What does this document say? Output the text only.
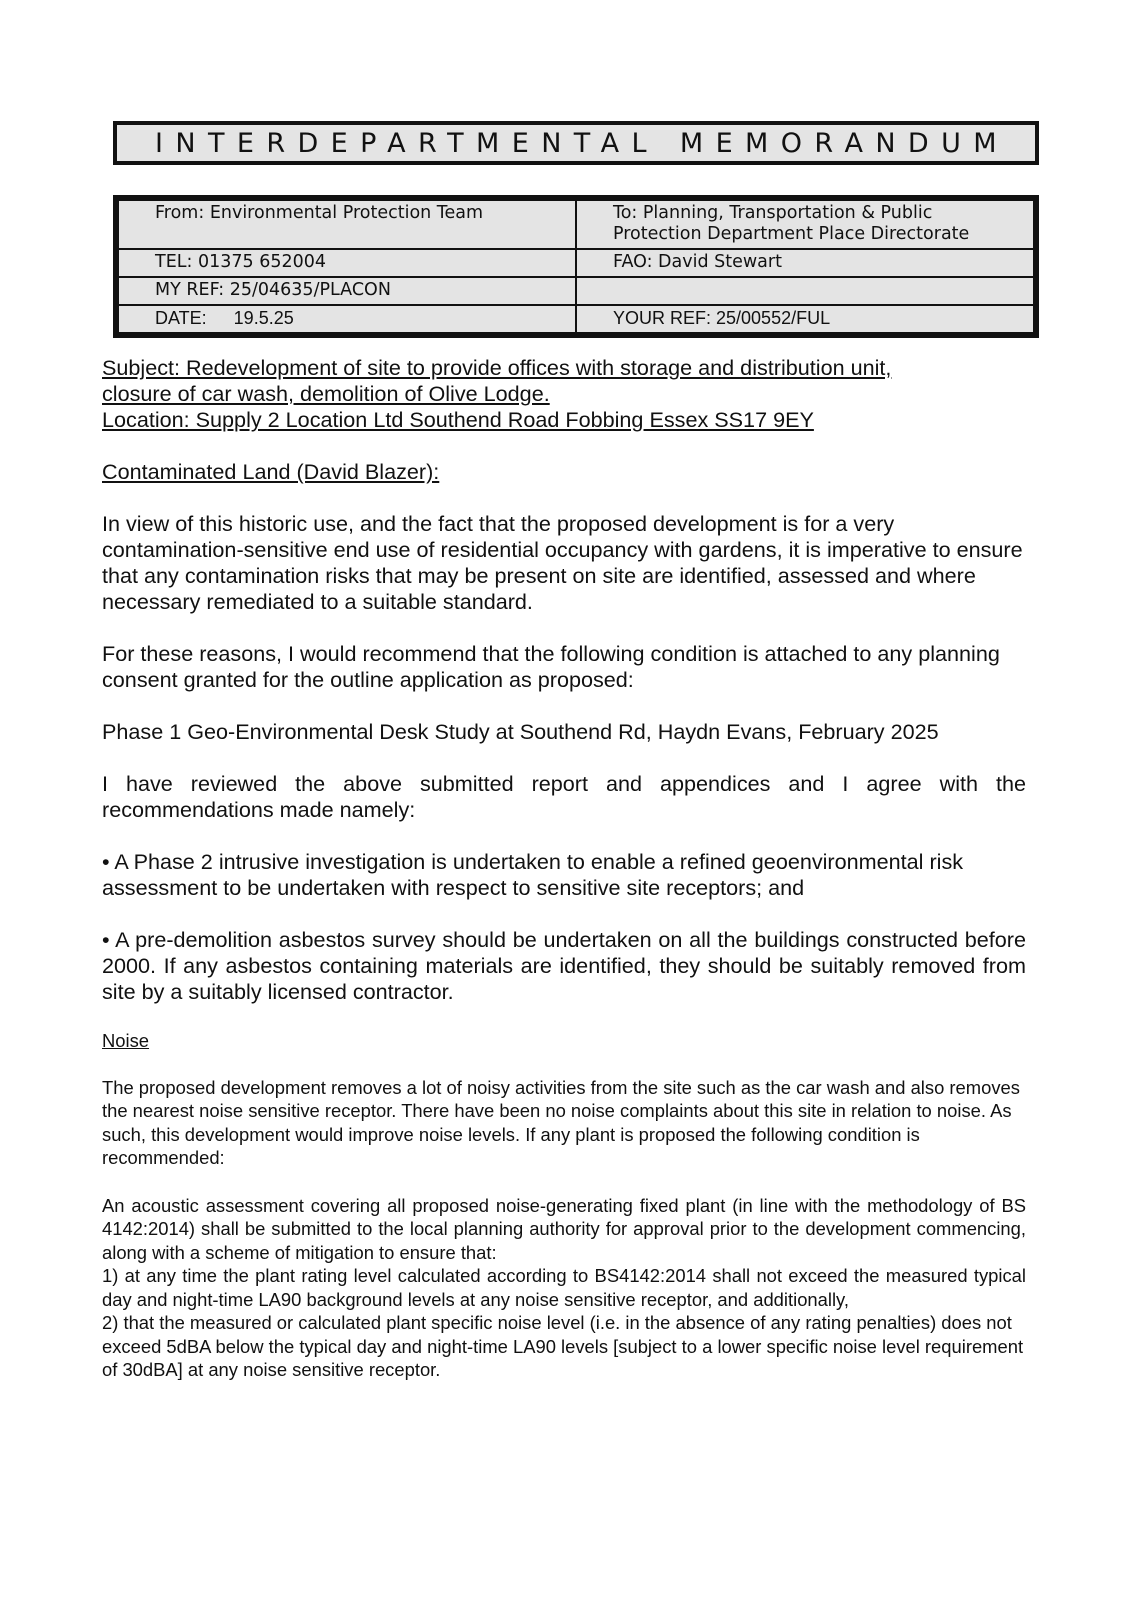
INTERDEPARTMENTAL MEMORANDUM
From: Environmental Protection Team	To: Planning, Transportation & Public
Protection Department Place Directorate

TEL: 01375 652004	FAO: David Stewart
MY REF: 25/04635/PLACON	
DATE: 19.5.25	YOUR REF: 25/00552/FUL
Subject: Redevelopment of site to provide offices with storage and distribution unit,
closure of car wash, demolition of Olive Lodge.
Location: Supply 2 Location Ltd Southend Road Fobbing Essex SS17 9EY

Contaminated Land (David Blazer):

In view of this historic use, and the fact that the proposed development is for a very contamination-sensitive end use of residential occupancy with gardens, it is imperative to ensure that any contamination risks that may be present on site are identified, assessed and where necessary remediated to a suitable standard.

For these reasons, I would recommend that the following condition is attached to any planning consent granted for the outline application as proposed:

Phase 1 Geo-Environmental Desk Study at Southend Rd, Haydn Evans, February 2025

I have reviewed the above submitted report and appendices and I agree with the recommendations made namely:

• A Phase 2 intrusive investigation is undertaken to enable a refined geoenvironmental risk assessment to be undertaken with respect to sensitive site receptors; and

• A pre-demolition asbestos survey should be undertaken on all the buildings constructed before 2000. If any asbestos containing materials are identified, they should be suitably removed from site by a suitably licensed contractor.

Noise

The proposed development removes a lot of noisy activities from the site such as the car wash and also removes the nearest noise sensitive receptor. There have been no noise complaints about this site in relation to noise. As such, this development would improve noise levels. If any plant is proposed the following condition is recommended:

An acoustic assessment covering all proposed noise-generating fixed plant (in line with the methodology of BS 4142:2014) shall be submitted to the local planning authority for approval prior to the development commencing, along with a scheme of mitigation to ensure that:

1) at any time the plant rating level calculated according to BS4142:2014 shall not exceed the measured typical day and night-time LA90 background levels at any noise sensitive receptor, and additionally,

2) that the measured or calculated plant specific noise level (i.e. in the absence of any rating penalties) does not exceed 5dBA below the typical day and night-time LA90 levels [subject to a lower specific noise level requirement of 30dBA] at any noise sensitive receptor.
